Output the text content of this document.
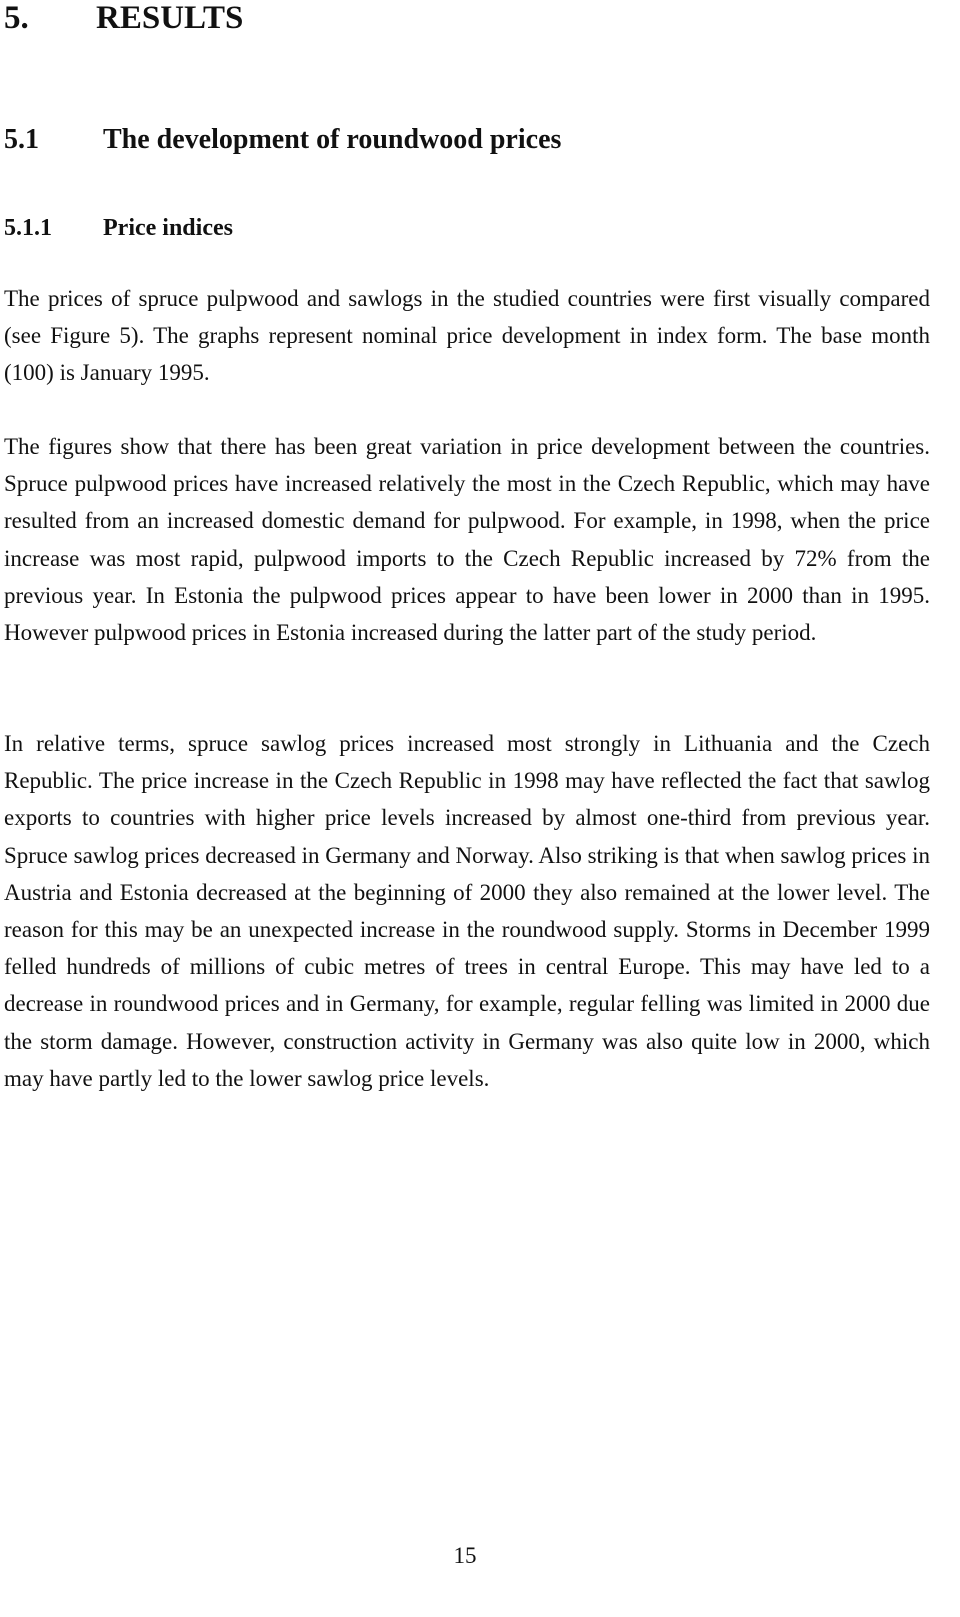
5. RESULTS
5.1 The development of roundwood prices
5.1.1 Price indices

The prices of spruce pulpwood and sawlogs in the studied countries were first visually compared (see Figure 5). The graphs represent nominal price development in index form. The base month (100) is January 1995.

The figures show that there has been great variation in price development between the countries. Spruce pulpwood prices have increased relatively the most in the Czech Republic, which may have resulted from an increased domestic demand for pulpwood. For example, in 1998, when the price increase was most rapid, pulpwood imports to the Czech Republic increased by 72% from the previous year. In Estonia the pulpwood prices appear to have been lower in 2000 than in 1995. However pulpwood prices in Estonia increased during the latter part of the study period.

In relative terms, spruce sawlog prices increased most strongly in Lithuania and the Czech Republic. The price increase in the Czech Republic in 1998 may have reflected the fact that sawlog exports to countries with higher price levels increased by almost one-third from previous year. Spruce sawlog prices decreased in Germany and Norway. Also striking is that when sawlog prices in Austria and Estonia decreased at the beginning of 2000 they also remained at the lower level. The reason for this may be an unexpected increase in the roundwood supply. Storms in December 1999 felled hundreds of millions of cubic metres of trees in central Europe. This may have led to a decrease in roundwood prices and in Germany, for example, regular felling was limited in 2000 due the storm damage. However, construction activity in Germany was also quite low in 2000, which may have partly led to the lower sawlog price levels.

15
